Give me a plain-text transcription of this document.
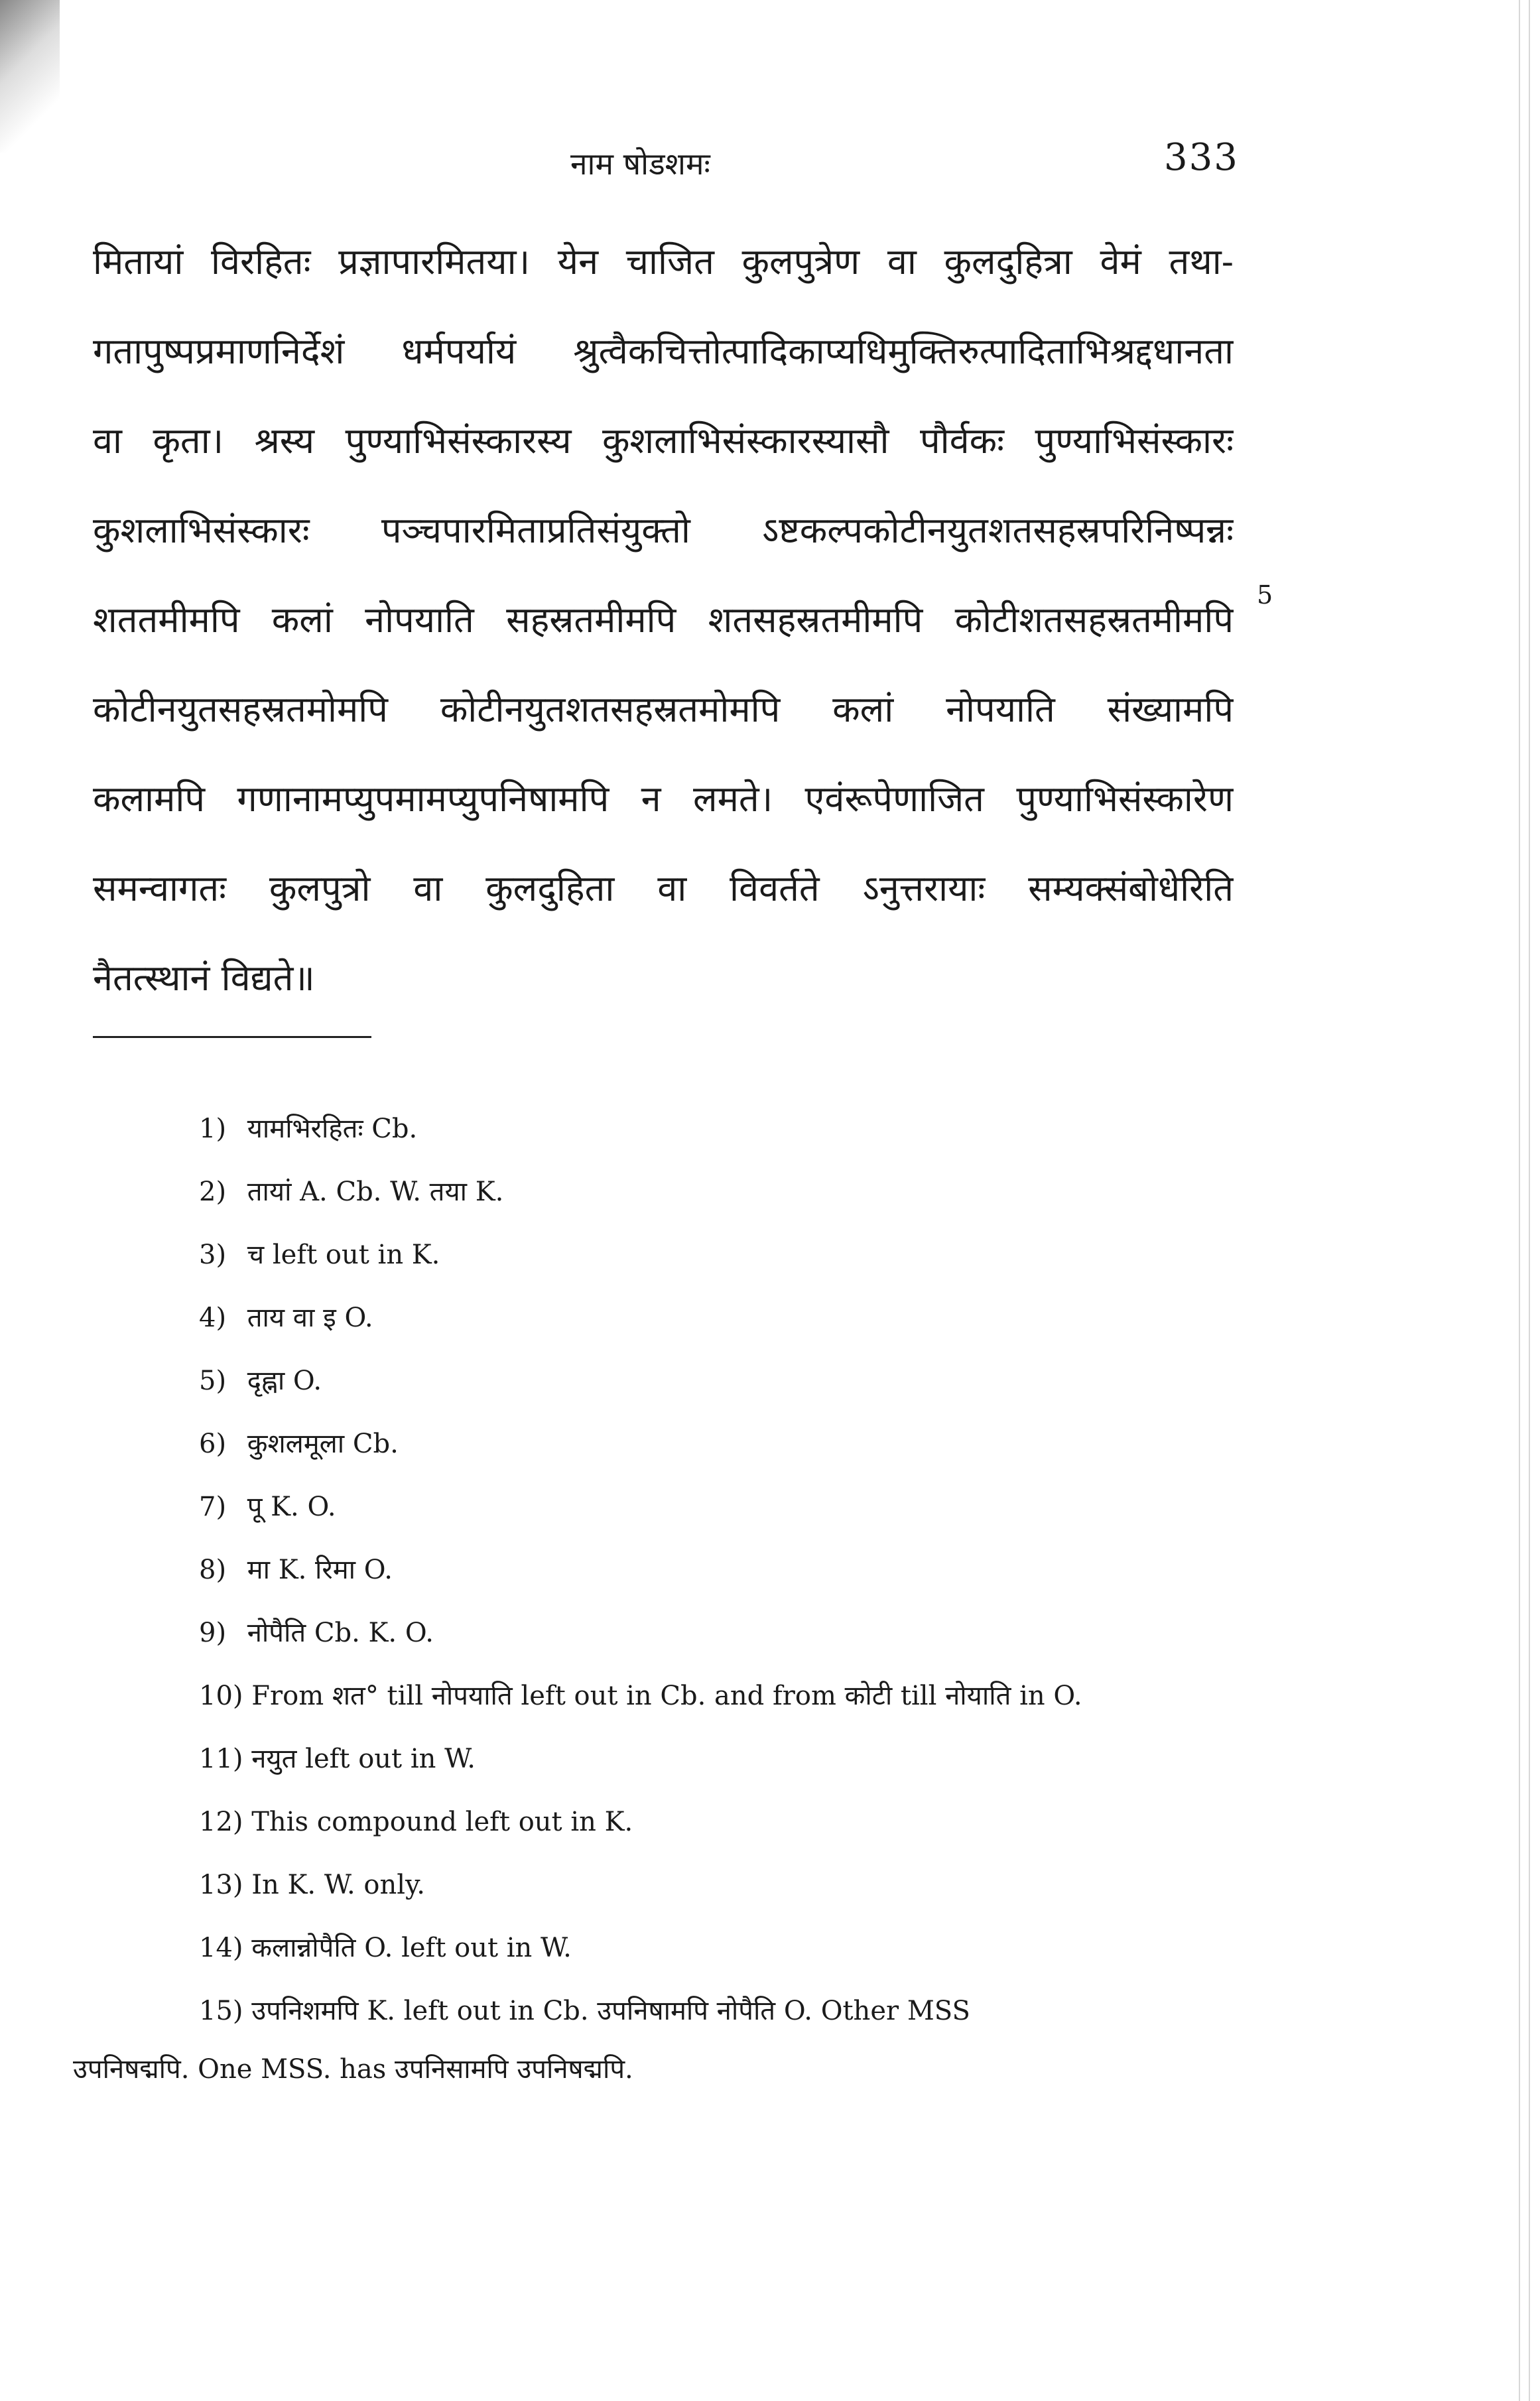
नाम षोडशमः	333
मितायां विरहितः प्रज्ञापारमितया। येन चाजित कुलपुत्रेण वा कुलदुहित्रा वेमं तथा-
गतापुष्पप्रमाणनिर्देशं धर्मपर्यायं श्रुत्वैकचित्तोत्पादिकाप्यधिमुक्तिरुत्पादिताभिश्रद्दधानता
वा कृता। श्रस्य पुण्याभिसंस्कारस्य कुशलाभिसंस्कारस्यासौ पौर्वकः पुण्याभिसंस्कारः
कुशलाभिसंस्कारः पञ्चपारमिताप्रतिसंयुक्तो ऽष्टकल्पकोटीनयुतशतसहस्रपरिनिष्पन्नः
शततमीमपि कलां नोपयाति सहस्रतमीमपि शतसहस्रतमीमपि कोटीशतसहस्रतमीमपि
कोटीनयुतसहस्रतमोमपि कोटीनयुतशतसहस्रतमोमपि कलां नोपयाति संख्यामपि
कलामपि गणानामप्युपमामप्युपनिषामपि न लमते। एवंरूपेणाजित पुण्याभिसंस्कारेण
समन्वागतः कुलपुत्रो वा कुलदुहिता वा विवर्तते ऽनुत्तरायाः सम्यक्संबोधेरिति
नैतत्स्थानं विद्यते॥
5
1) यामभिरहितः Cb.
2) तायां A. Cb. W. तया K.
3) च left out in K.
4) ताय वा इ O.
5) दृह्ना O.
6) कुशलमूला Cb.
7) पू K. O.
8) मा K. रिमा O.
9) नोपैति Cb. K. O.
10) From शत° till नोपयाति left out in Cb. and from कोटी till नोयाति in O.
11) नयुत left out in W.
12) This compound left out in K.
13) In K. W. only.
14) कलान्नोपैति O. left out in W.
15) उपनिशमपि K. left out in Cb. उपनिषामपि नोपैति O. Other MSS
उपनिषद्मपि. One MSS. has उपनिसामपि उपनिषद्मपि.
